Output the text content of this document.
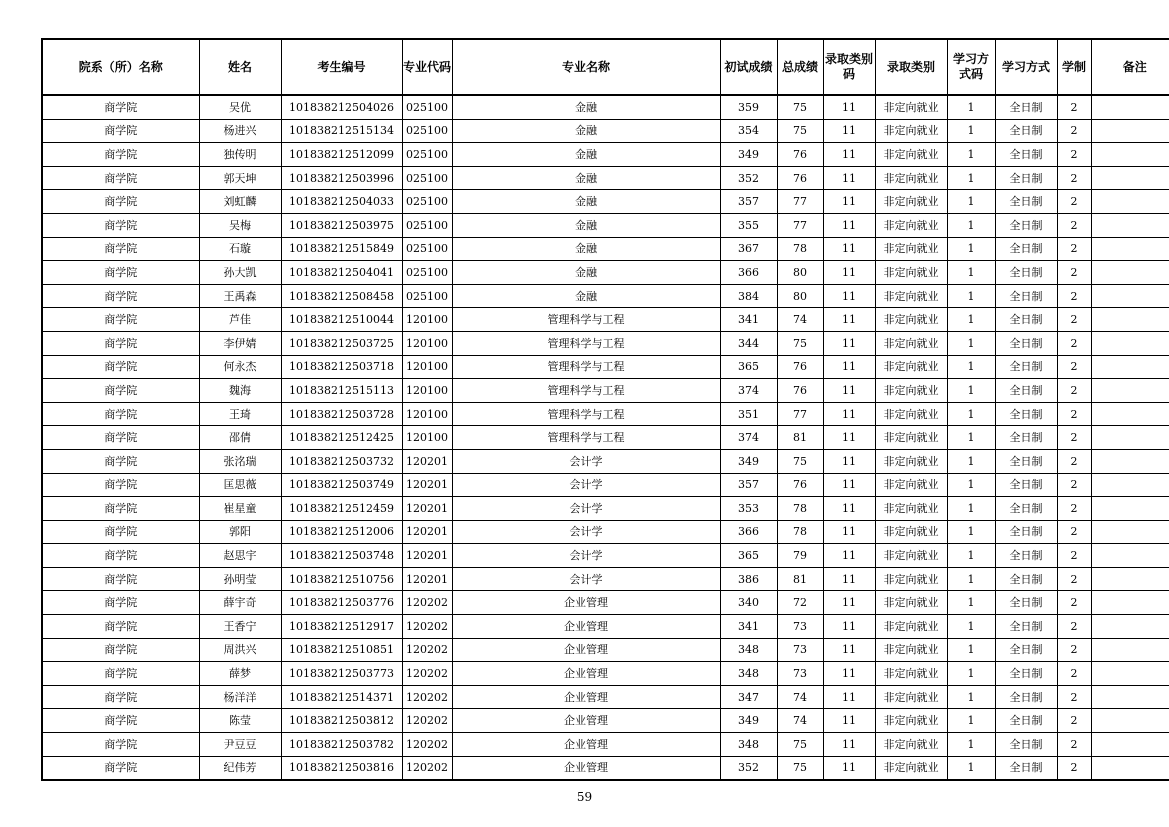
院系（所）名称	姓名	考生编号	专业代码	专业名称	初试成绩	总成绩	录取类别码	录取类别	学习方式码	学习方式	学制	备注
商学院	吴优	101838212504026	025100	金融	359	75	11	非定向就业	1	全日制	2	
商学院	杨进兴	101838212515134	025100	金融	354	75	11	非定向就业	1	全日制	2	
商学院	独传明	101838212512099	025100	金融	349	76	11	非定向就业	1	全日制	2	
商学院	郭天坤	101838212503996	025100	金融	352	76	11	非定向就业	1	全日制	2	
商学院	刘虹麟	101838212504033	025100	金融	357	77	11	非定向就业	1	全日制	2	
商学院	吴梅	101838212503975	025100	金融	355	77	11	非定向就业	1	全日制	2	
商学院	石璇	101838212515849	025100	金融	367	78	11	非定向就业	1	全日制	2	
商学院	孙大凯	101838212504041	025100	金融	366	80	11	非定向就业	1	全日制	2	
商学院	王禹森	101838212508458	025100	金融	384	80	11	非定向就业	1	全日制	2	
商学院	芦佳	101838212510044	120100	管理科学与工程	341	74	11	非定向就业	1	全日制	2	
商学院	李伊婧	101838212503725	120100	管理科学与工程	344	75	11	非定向就业	1	全日制	2	
商学院	何永杰	101838212503718	120100	管理科学与工程	365	76	11	非定向就业	1	全日制	2	
商学院	魏海	101838212515113	120100	管理科学与工程	374	76	11	非定向就业	1	全日制	2	
商学院	王琦	101838212503728	120100	管理科学与工程	351	77	11	非定向就业	1	全日制	2	
商学院	邵倩	101838212512425	120100	管理科学与工程	374	81	11	非定向就业	1	全日制	2	
商学院	张洺瑞	101838212503732	120201	会计学	349	75	11	非定向就业	1	全日制	2	
商学院	匡思薇	101838212503749	120201	会计学	357	76	11	非定向就业	1	全日制	2	
商学院	崔星童	101838212512459	120201	会计学	353	78	11	非定向就业	1	全日制	2	
商学院	郭阳	101838212512006	120201	会计学	366	78	11	非定向就业	1	全日制	2	
商学院	赵思宇	101838212503748	120201	会计学	365	79	11	非定向就业	1	全日制	2	
商学院	孙明莹	101838212510756	120201	会计学	386	81	11	非定向就业	1	全日制	2	
商学院	薛宇奇	101838212503776	120202	企业管理	340	72	11	非定向就业	1	全日制	2	
商学院	王香宁	101838212512917	120202	企业管理	341	73	11	非定向就业	1	全日制	2	
商学院	周洪兴	101838212510851	120202	企业管理	348	73	11	非定向就业	1	全日制	2	
商学院	薛梦	101838212503773	120202	企业管理	348	73	11	非定向就业	1	全日制	2	
商学院	杨洋洋	101838212514371	120202	企业管理	347	74	11	非定向就业	1	全日制	2	
商学院	陈莹	101838212503812	120202	企业管理	349	74	11	非定向就业	1	全日制	2	
商学院	尹豆豆	101838212503782	120202	企业管理	348	75	11	非定向就业	1	全日制	2	
商学院	纪伟芳	101838212503816	120202	企业管理	352	75	11	非定向就业	1	全日制	2	
59
